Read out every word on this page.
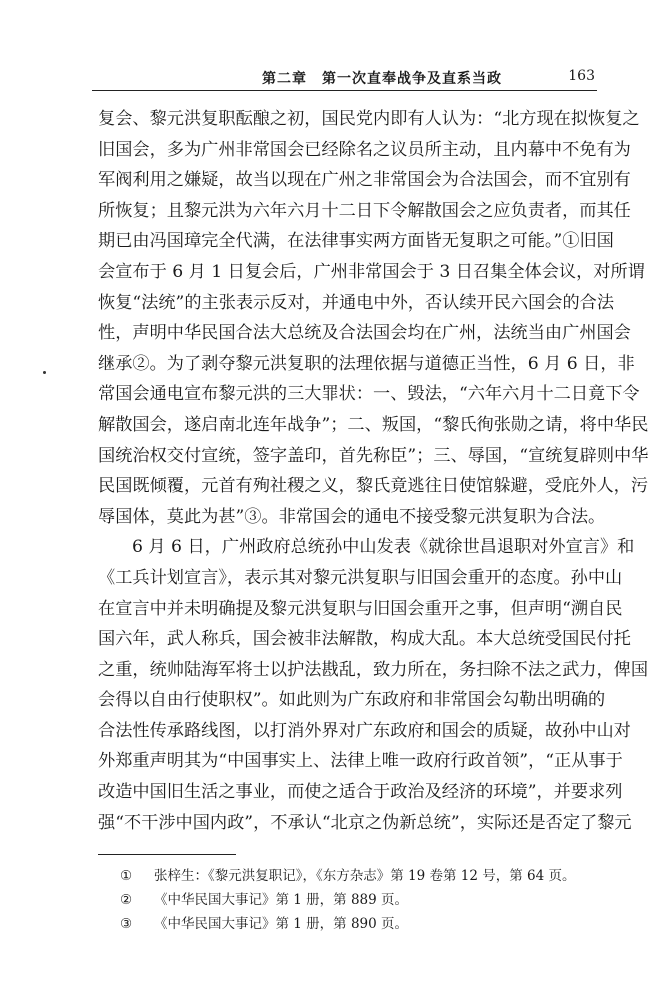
第二章　第一次直奉战争及直系当政	163
复会、黎元洪复职酝酿之初，国民党内即有人认为：“北方现在拟恢复之
旧国会，多为广州非常国会已经除名之议员所主动，且内幕中不免有为
军阀利用之嫌疑，故当以现在广州之非常国会为合法国会，而不宜别有
所恢复；且黎元洪为六年六月十二日下令解散国会之应负责者，而其任
期已由冯国璋完全代满，在法律事实两方面皆无复职之可能。”①旧国
会宣布于 6 月 1 日复会后，广州非常国会于 3 日召集全体会议，对所谓
恢复“法统”的主张表示反对，并通电中外，否认续开民六国会的合法
性，声明中华民国合法大总统及合法国会均在广州，法统当由广州国会
继承②。为了剥夺黎元洪复职的法理依据与道德正当性，6 月 6 日，非
常国会通电宣布黎元洪的三大罪状：一、毁法，“六年六月十二日竟下令
解散国会，遂启南北连年战争”；二、叛国，“黎氏徇张勋之请，将中华民
国统治权交付宣统，签字盖印，首先称臣”；三、辱国，“宣统复辟则中华
民国既倾覆，元首有殉社稷之义，黎氏竟逃往日使馆躲避，受庇外人，污
辱国体，莫此为甚”③。非常国会的通电不接受黎元洪复职为合法。
6 月 6 日，广州政府总统孙中山发表《就徐世昌退职对外宣言》和
《工兵计划宣言》，表示其对黎元洪复职与旧国会重开的态度。孙中山
在宣言中并未明确提及黎元洪复职与旧国会重开之事，但声明“溯自民
国六年，武人称兵，国会被非法解散，构成大乱。本大总统受国民付托
之重，统帅陆海军将士以护法戡乱，致力所在，务扫除不法之武力，俾国
会得以自由行使职权”。如此则为广东政府和非常国会勾勒出明确的
合法性传承路线图，以打消外界对广东政府和国会的质疑，故孙中山对
外郑重声明其为“中国事实上、法律上唯一政府行政首领”，“正从事于
改造中国旧生活之事业，而使之适合于政治及经济的环境”，并要求列
强“不干涉中国内政”，不承认“北京之伪新总统”，实际还是否定了黎元
① 张梓生：《黎元洪复职记》，《东方杂志》第 19 卷第 12 号，第 64 页。
② 《中华民国大事记》第 1 册，第 889 页。
③ 《中华民国大事记》第 1 册，第 890 页。
